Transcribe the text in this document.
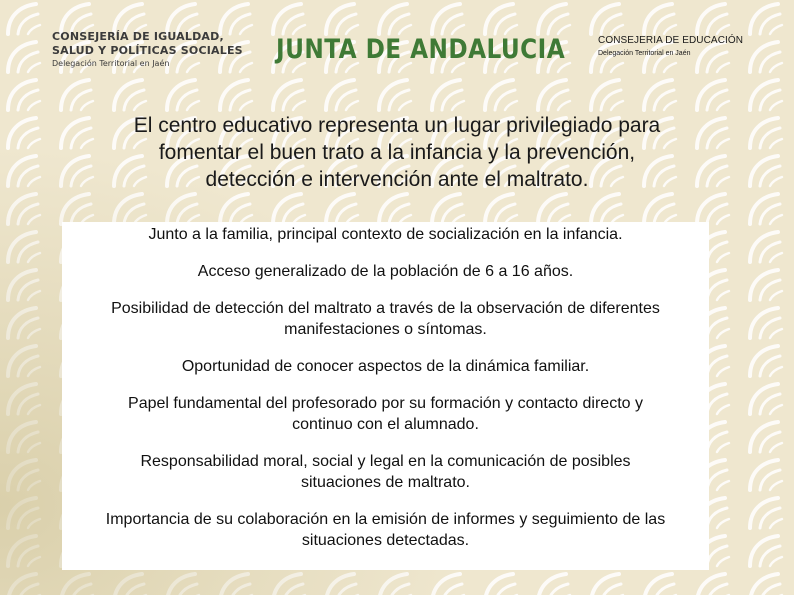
CONSEJERÍA DE IGUALDAD,
SALUD Y POLÍTICAS SOCIALES
Delegación Territorial en Jaén	JUNTA DE ANDALUCIA	CONSEJERIA DE EDUCACIÓN
Delegación Territorial en Jaén
El centro educativo representa un lugar privilegiado para
fomentar el buen trato a la infancia y la prevención,
detección e intervención ante el maltrato.

Junto a la familia, principal contexto de socialización en la infancia.

Acceso generalizado de la población de 6 a 16 años.

Posibilidad de detección del maltrato a través de la observación de diferentes
manifestaciones o síntomas.

Oportunidad de conocer aspectos de la dinámica familiar.

Papel fundamental del profesorado por su formación y contacto directo y
continuo con el alumnado.

Responsabilidad moral, social y legal en la comunicación de posibles
situaciones de maltrato.

Importancia de su colaboración en la emisión de informes y seguimiento de las
situaciones detectadas.
